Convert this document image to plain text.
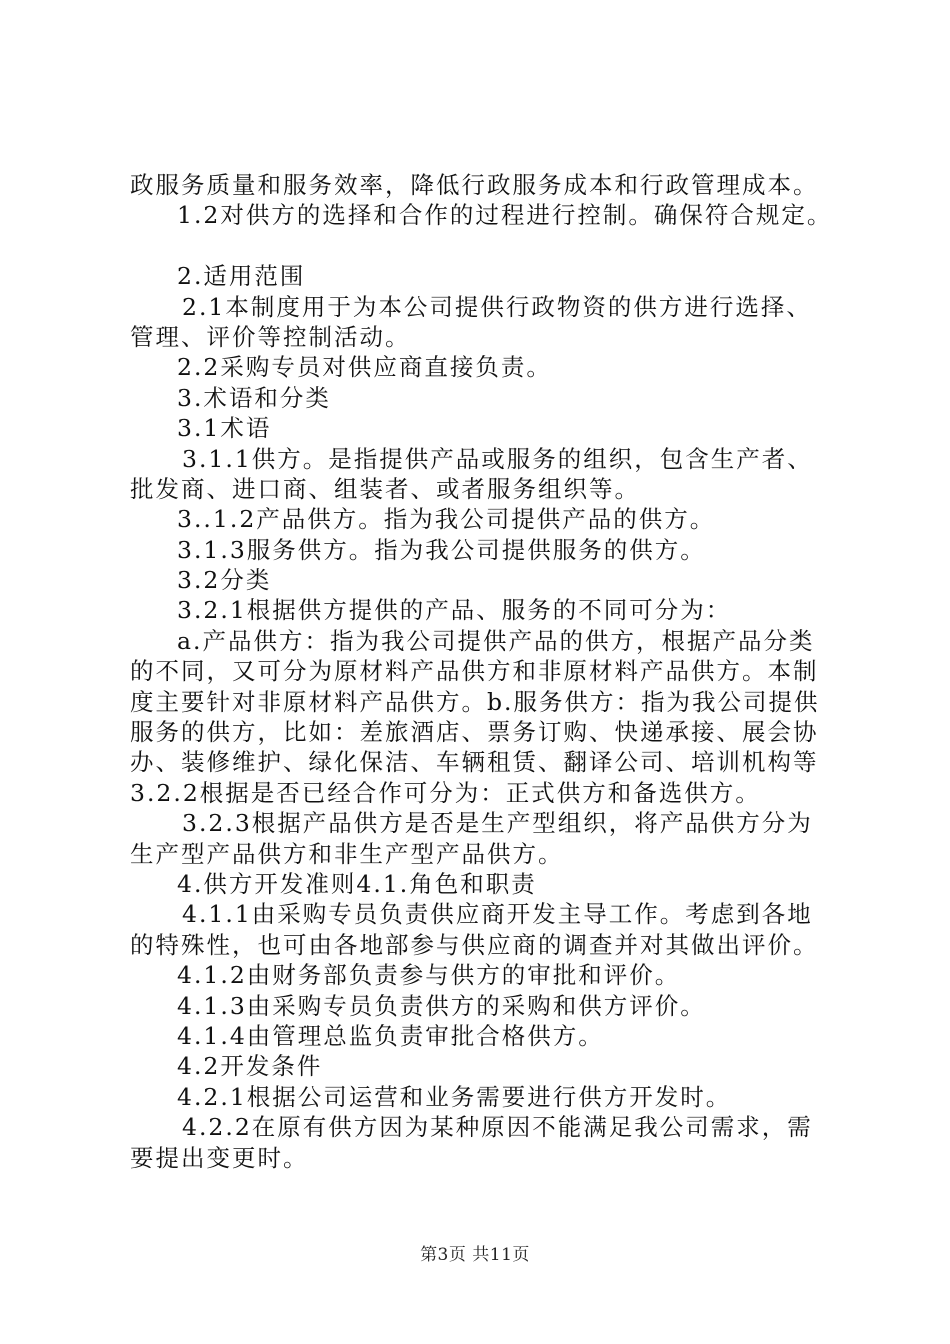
政服务质量和服务效率，降低行政服务成本和行政管理成本。
1.2对供方的选择和合作的过程进行控制。确保符合规定。
2.适用范围
2.1本制度用于为本公司提供行政物资的供方进行选择、
管理、评价等控制活动。
2.2采购专员对供应商直接负责。
3.术语和分类
3.1术语
3.1.1供方。是指提供产品或服务的组织，包含生产者、
批发商、进口商、组装者、或者服务组织等。
3..1.2产品供方。指为我公司提供产品的供方。
3.1.3服务供方。指为我公司提供服务的供方。
3.2分类
3.2.1根据供方提供的产品、服务的不同可分为：
a.产品供方：指为我公司提供产品的供方，根据产品分类
的不同，又可分为原材料产品供方和非原材料产品供方。本制
度主要针对非原材料产品供方。b.服务供方：指为我公司提供
服务的供方，比如：差旅酒店、票务订购、快递承接、展会协
办、装修维护、绿化保洁、车辆租赁、翻译公司、培训机构等
3.2.2根据是否已经合作可分为：正式供方和备选供方。
3.2.3根据产品供方是否是生产型组织，将产品供方分为
生产型产品供方和非生产型产品供方。
4.供方开发准则4.1.角色和职责
4.1.1由采购专员负责供应商开发主导工作。考虑到各地
的特殊性，也可由各地部参与供应商的调查并对其做出评价。
4.1.2由财务部负责参与供方的审批和评价。
4.1.3由采购专员负责供方的采购和供方评价。
4.1.4由管理总监负责审批合格供方。
4.2开发条件
4.2.1根据公司运营和业务需要进行供方开发时。
4.2.2在原有供方因为某种原因不能满足我公司需求，需
要提出变更时。
第3页 共11页
